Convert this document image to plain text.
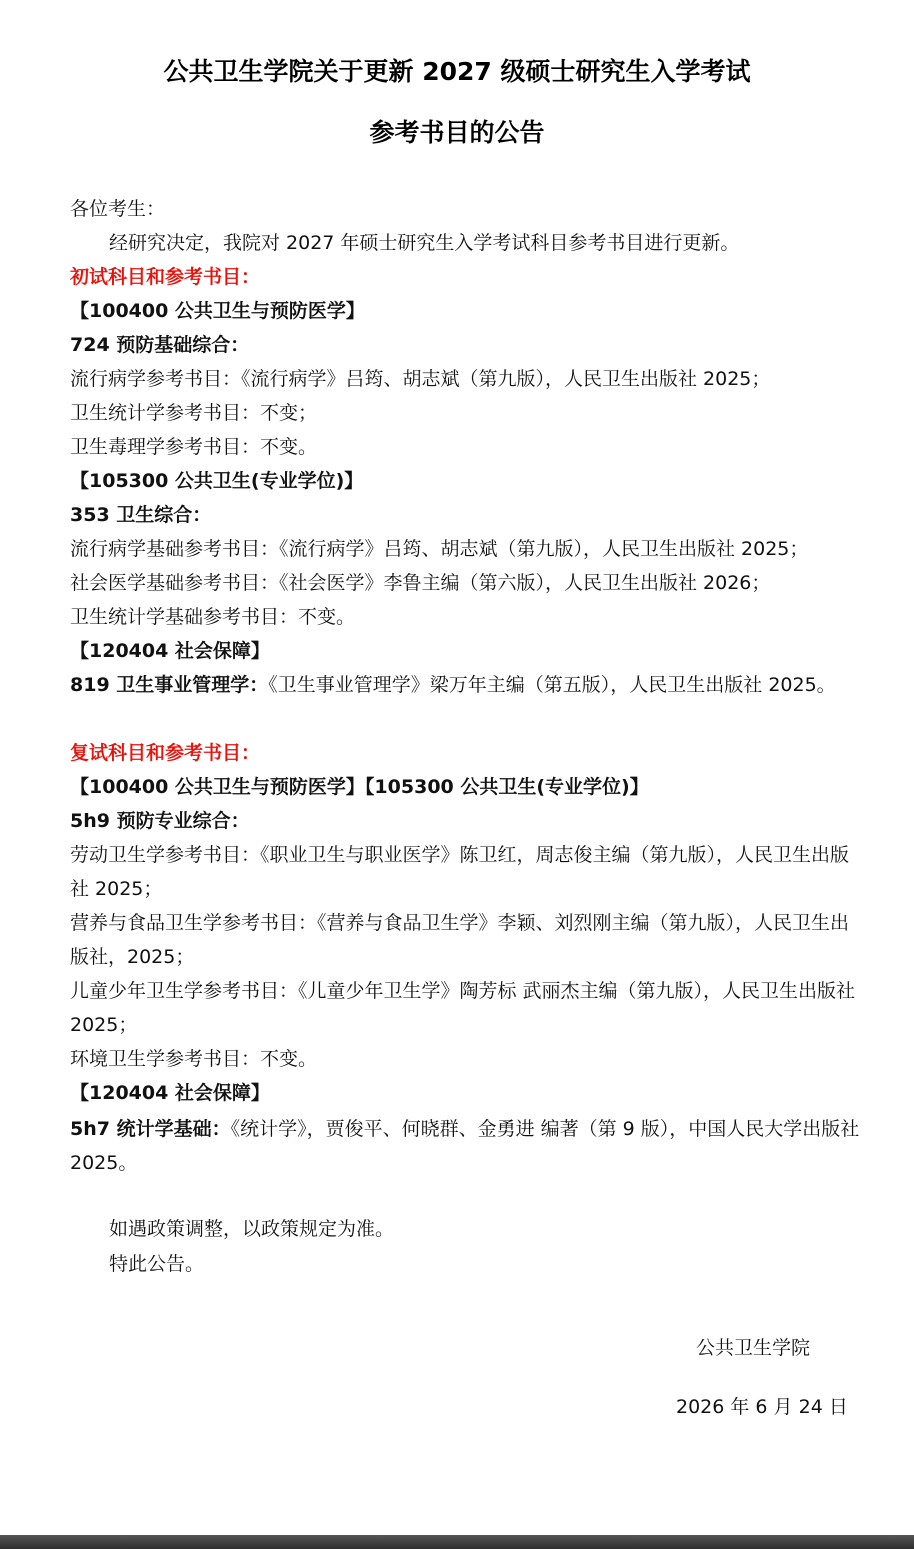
公共卫生学院关于更新 2027 级硕士研究生入学考试
参考书目的公告
各位考生：
经研究决定，我院对 2027 年硕士研究生入学考试科目参考书目进行更新。
初试科目和参考书目：
【100400 公共卫生与预防医学】
724 预防基础综合：
流行病学参考书目：《流行病学》吕筠、胡志斌（第九版），人民卫生出版社 2025；
卫生统计学参考书目：不变；
卫生毒理学参考书目：不变。
【105300 公共卫生(专业学位)】
353 卫生综合：
流行病学基础参考书目：《流行病学》吕筠、胡志斌（第九版），人民卫生出版社 2025；
社会医学基础参考书目：《社会医学》李鲁主编（第六版），人民卫生出版社 2026；
卫生统计学基础参考书目：不变。
【120404 社会保障】
819 卫生事业管理学：《卫生事业管理学》梁万年主编（第五版），人民卫生出版社 2025。
复试科目和参考书目：
【100400 公共卫生与预防医学】【105300 公共卫生(专业学位)】
5h9 预防专业综合：
劳动卫生学参考书目：《职业卫生与职业医学》陈卫红，周志俊主编（第九版），人民卫生出版社 2025；
营养与食品卫生学参考书目：《营养与食品卫生学》李颖、刘烈刚主编（第九版），人民卫生出版社，2025；
儿童少年卫生学参考书目：《儿童少年卫生学》陶芳标 武丽杰主编（第九版），人民卫生出版社 2025；
环境卫生学参考书目：不变。
【120404 社会保障】
5h7 统计学基础：《统计学》，贾俊平、何晓群、金勇进 编著（第 9 版），中国人民大学出版社 2025。
如遇政策调整，以政策规定为准。
特此公告。
公共卫生学院
2026 年 6 月 24 日
